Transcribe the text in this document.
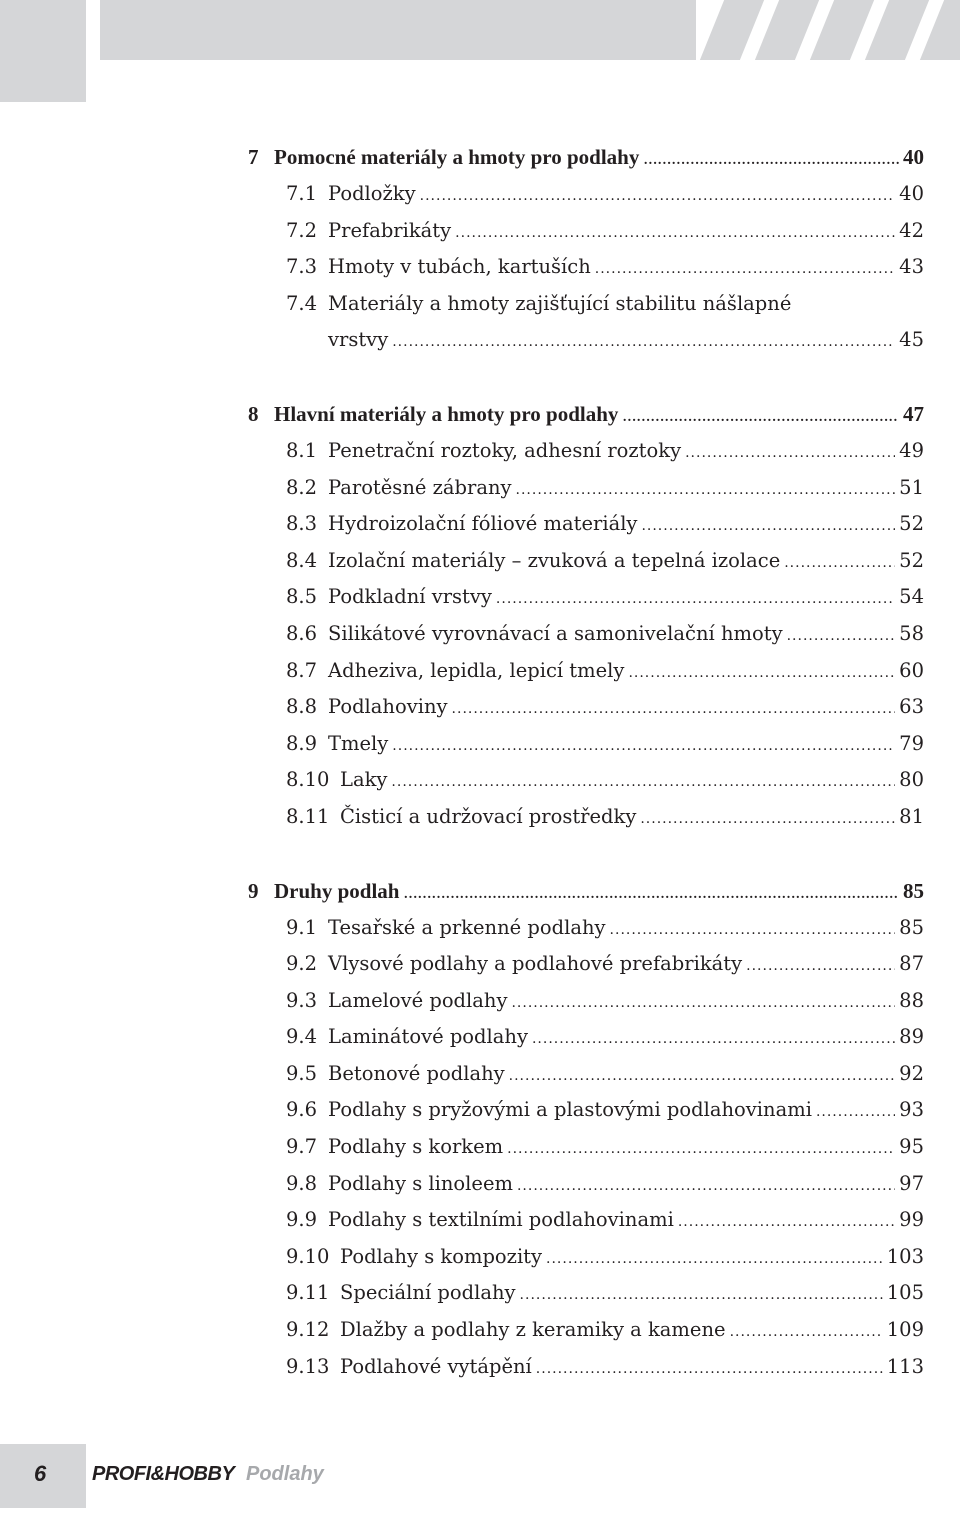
7 Pomocné materiály a hmoty pro podlahy …………………………………………………………………………………………………………………………………………………………	40
7.1 Podložky .....	40
7.2 Prefabrikáty .....	42
7.3 Hmoty v tubách, kartuších .....	43
7.4 Materiály a hmoty zajišťující stabilitu nášlapné
vrstvy .....	45
8 Hlavní materiály a hmoty pro podlahy …………………………………………………………………………………………………………………………………………………………	47
8.1 Penetrační roztoky, adhesní roztoky .....	49
8.2 Parotěsné zábrany .....	51
8.3 Hydroizolační fóliové materiály .....	52
8.4 Izolační materiály – zvuková a tepelná izolace .....	52
8.5 Podkladní vrstvy .....	54
8.6 Silikátové vyrovnávací a samonivelační hmoty .....	58
8.7 Adheziva, lepidla, lepicí tmely .....	60
8.8 Podlahoviny .....	63
8.9 Tmely .....	79
8.10 Laky .....	80
8.11 Čisticí a udržovací prostředky .....	81
9 Druhy podlah …………………………………………………………………………………………………………………………………………………………	85
9.1 Tesařské a prkenné podlahy .....	85
9.2 Vlysové podlahy a podlahové prefabrikáty .....	87
9.3 Lamelové podlahy .....	88
9.4 Laminátové podlahy .....	89
9.5 Betonové podlahy .....	92
9.6 Podlahy s pryžovými a plastovými podlahovinami .....	93
9.7 Podlahy s korkem .....	95
9.8 Podlahy s linoleem .....	97
9.9 Podlahy s textilními podlahovinami .....	99
9.10 Podlahy s kompozity .....	103
9.11 Speciální podlahy .....	105
9.12 Dlažby a podlahy z keramiky a kamene .....	109
9.13 Podlahové vytápění .....	113
6 PROFI&HOBBY Podlahy
